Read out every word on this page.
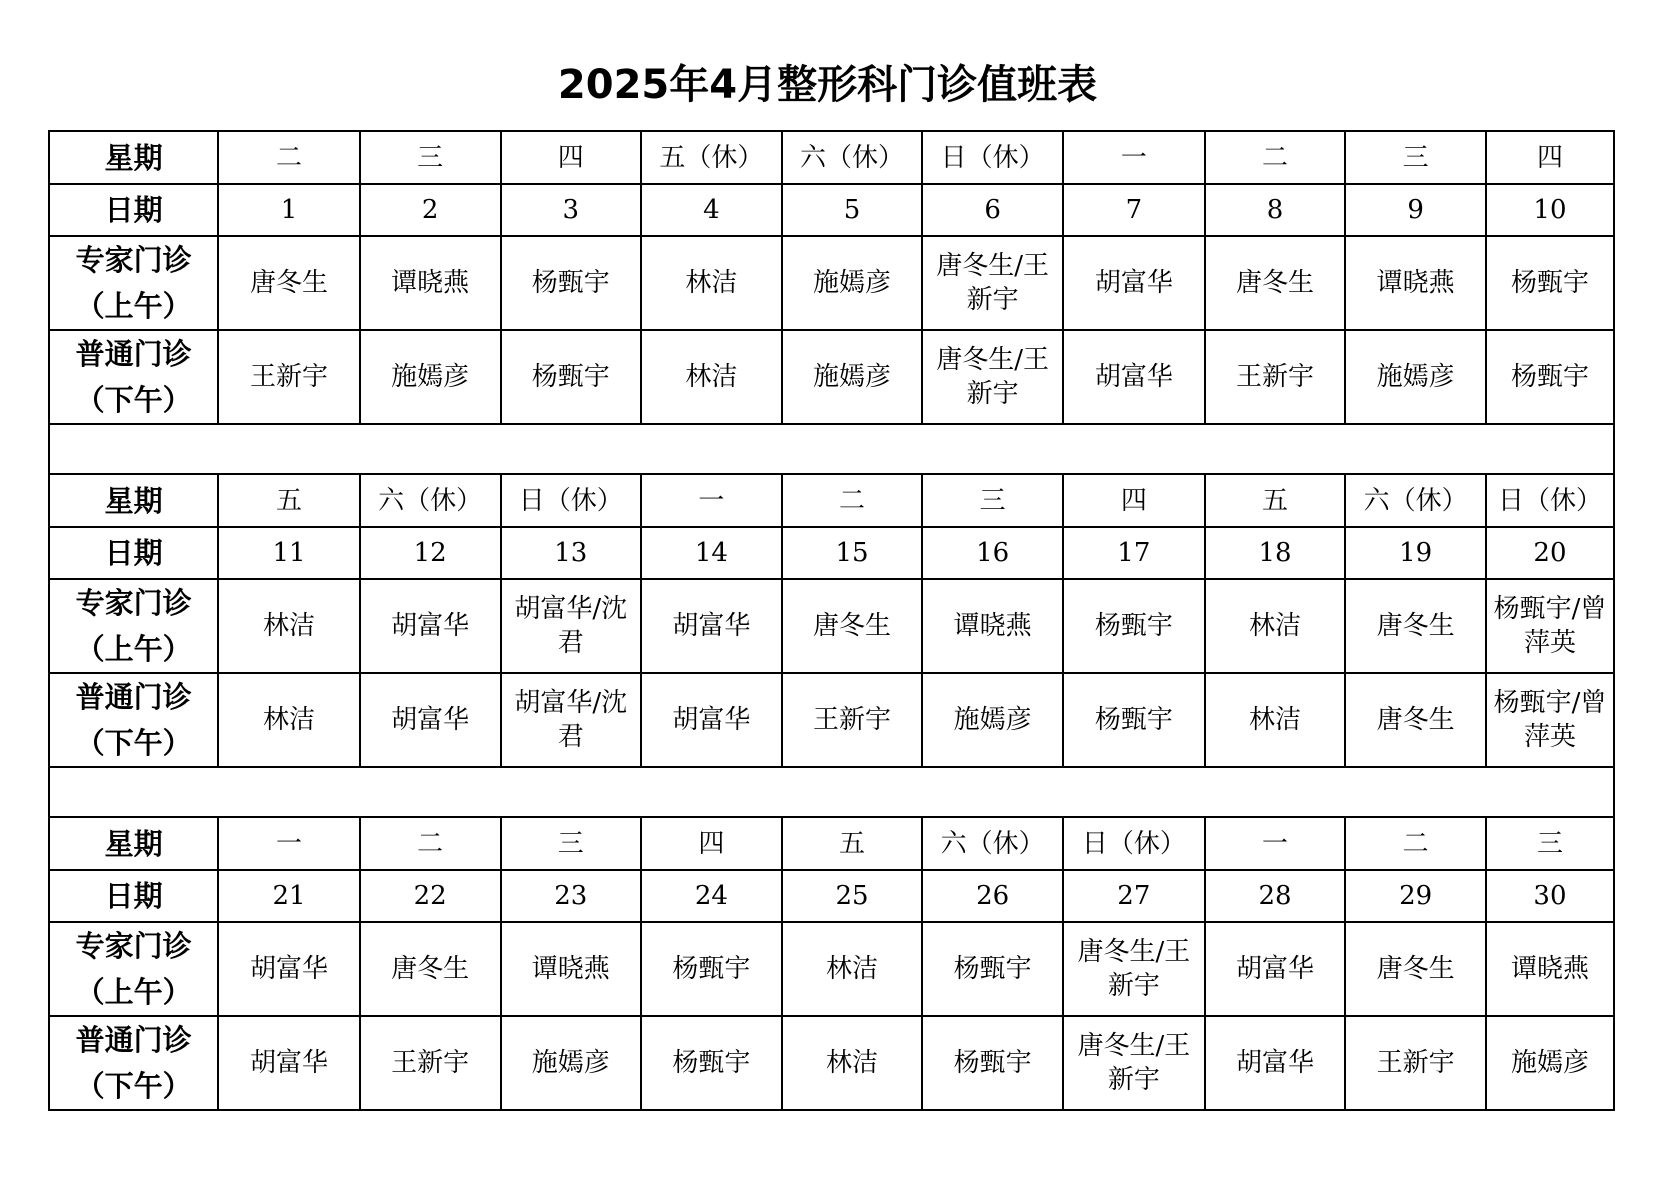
2025年4月整形科门诊值班表
星期	二	三	四	五（休）	六（休）	日（休）	一	二	三	四

日期	1	2	3	4	5	6	7	8	9	10

专家门诊
（上午）	唐冬生	谭晓燕	杨甄宇	林洁	施嫣彦	唐冬生/王新宇	胡富华	唐冬生	谭晓燕	杨甄宇

普通门诊
（下午）	王新宇	施嫣彦	杨甄宇	林洁	施嫣彦	唐冬生/王新宇	胡富华	王新宇	施嫣彦	杨甄宇

星期	五	六（休）	日（休）	一	二	三	四	五	六（休）	日（休）

日期	11	12	13	14	15	16	17	18	19	20

专家门诊
（上午）	林洁	胡富华	胡富华/沈君	胡富华	唐冬生	谭晓燕	杨甄宇	林洁	唐冬生	杨甄宇/曾萍英

普通门诊
（下午）	林洁	胡富华	胡富华/沈君	胡富华	王新宇	施嫣彦	杨甄宇	林洁	唐冬生	杨甄宇/曾萍英

星期	一	二	三	四	五	六（休）	日（休）	一	二	三

日期	21	22	23	24	25	26	27	28	29	30

专家门诊
（上午）	胡富华	唐冬生	谭晓燕	杨甄宇	林洁	杨甄宇	唐冬生/王新宇	胡富华	唐冬生	谭晓燕

普通门诊
（下午）	胡富华	王新宇	施嫣彦	杨甄宇	林洁	杨甄宇	唐冬生/王新宇	胡富华	王新宇	施嫣彦
